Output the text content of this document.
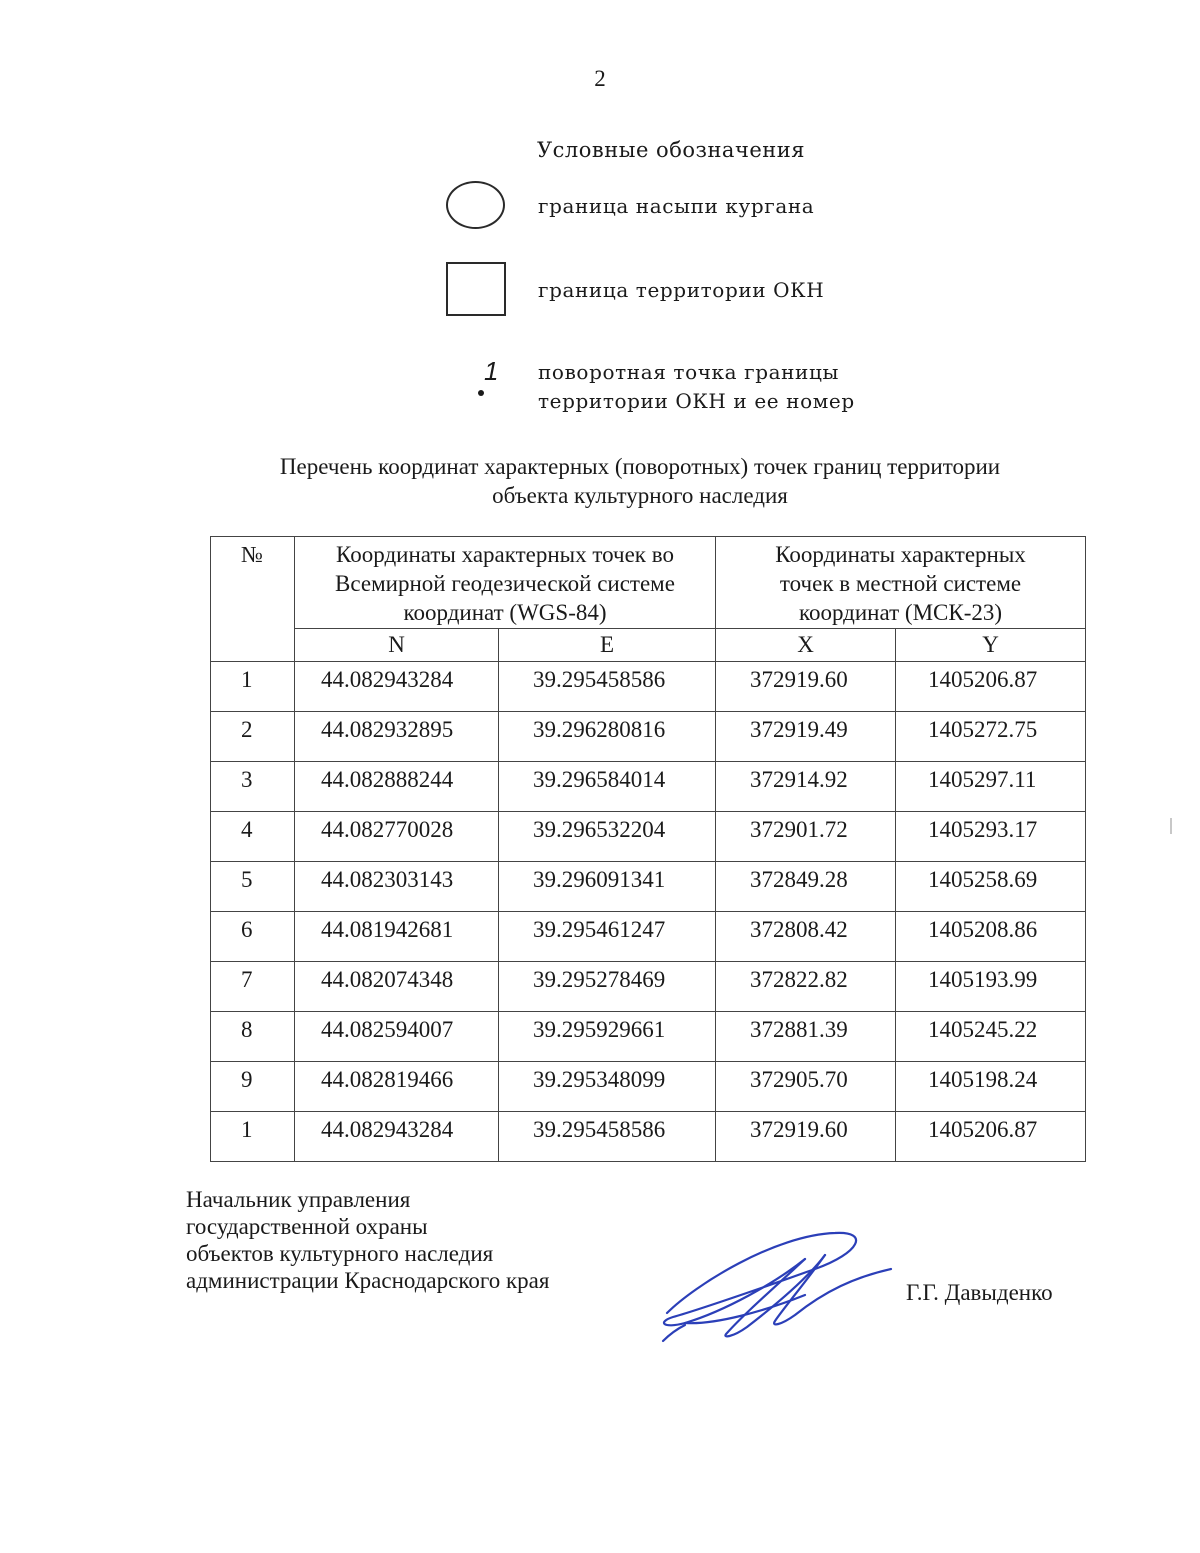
2
Условные обозначения
граница насыпи кургана
граница территории ОКН
1 поворотная точка границы
территории ОКН и ее номер
Перечень координат характерных (поворотных) точек границ территории
объекта культурного наследия
№	Координаты характерных точек во Всемирной геодезической системе координат (WGS-84)		Координаты характерных точек в местной системе координат (МСК-23)	
	N	E	X	Y
1	44.082943284	39.295458586	372919.60	1405206.87
2	44.082932895	39.296280816	372919.49	1405272.75
3	44.082888244	39.296584014	372914.92	1405297.11
4	44.082770028	39.296532204	372901.72	1405293.17
5	44.082303143	39.296091341	372849.28	1405258.69
6	44.081942681	39.295461247	372808.42	1405208.86
7	44.082074348	39.295278469	372822.82	1405193.99
8	44.082594007	39.295929661	372881.39	1405245.22
9	44.082819466	39.295348099	372905.70	1405198.24
1	44.082943284	39.295458586	372919.60	1405206.87
Начальник управления
государственной охраны
объектов культурного наследия
администрации Краснодарского края	Г.Г. Давыденко
